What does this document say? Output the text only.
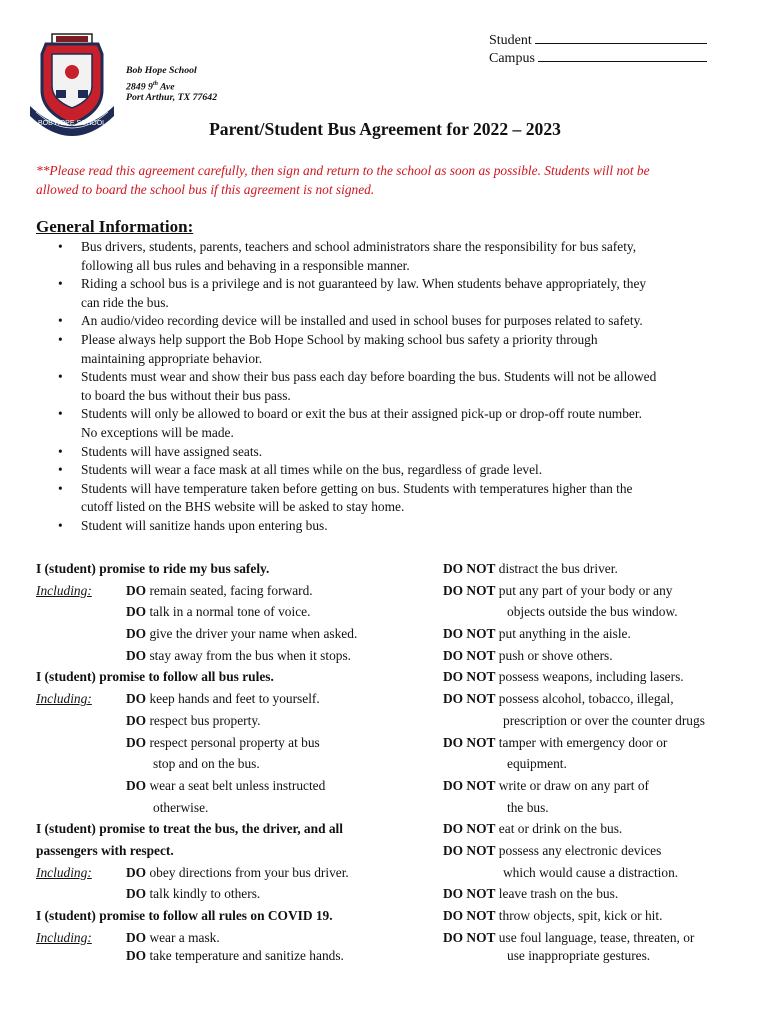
BOB HOPE SCHOOL
Bob Hope School
2849 9th Ave
Port Arthur, TX 77642
Student
Campus
Parent/Student Bus Agreement for 2022 – 2023
**Please read this agreement carefully, then sign and return to the school as soon as possible. Students will not be
allowed to board the school bus if this agreement is not signed.
General Information:
• Bus drivers, students, parents, teachers and school administrators share the responsibility for bus safety,
following all bus rules and behaving in a responsible manner.
• Riding a school bus is a privilege and is not guaranteed by law. When students behave appropriately, they
can ride the bus.
• An audio/video recording device will be installed and used in school buses for purposes related to safety.
• Please always help support the Bob Hope School by making school bus safety a priority through
maintaining appropriate behavior.
• Students must wear and show their bus pass each day before boarding the bus. Students will not be allowed
to board the bus without their bus pass.
• Students will only be allowed to board or exit the bus at their assigned pick-up or drop-off route number.
No exceptions will be made.
• Students will have assigned seats.
• Students will wear a face mask at all times while on the bus, regardless of grade level.
• Students will have temperature taken before getting on bus. Students with temperatures higher than the
cutoff listed on the BHS website will be asked to stay home.
• Student will sanitize hands upon entering bus.
I (student) promise to ride my bus safely.
Including:	DO remain seated, facing forward.
DO talk in a normal tone of voice.
DO give the driver your name when asked.
DO stay away from the bus when it stops.
I (student) promise to follow all bus rules.
Including:	DO keep hands and feet to yourself.
DO respect bus property.
DO respect personal property at bus
stop and on the bus.
DO wear a seat belt unless instructed
otherwise.
I (student) promise to treat the bus, the driver, and all
passengers with respect.
Including:	DO obey directions from your bus driver.
DO talk kindly to others.
I (student) promise to follow all rules on COVID 19.
Including:	DO wear a mask.
DO take temperature and sanitize hands.
DO NOT distract the bus driver.
DO NOT put any part of your body or any
objects outside the bus window.
DO NOT put anything in the aisle.
DO NOT push or shove others.
DO NOT possess weapons, including lasers.
DO NOT possess alcohol, tobacco, illegal,
prescription or over the counter drugs
DO NOT tamper with emergency door or
equipment.
DO NOT write or draw on any part of
the bus.
DO NOT eat or drink on the bus.
DO NOT possess any electronic devices
which would cause a distraction.
DO NOT leave trash on the bus.
DO NOT throw objects, spit, kick or hit.
DO NOT use foul language, tease, threaten, or
use inappropriate gestures.
